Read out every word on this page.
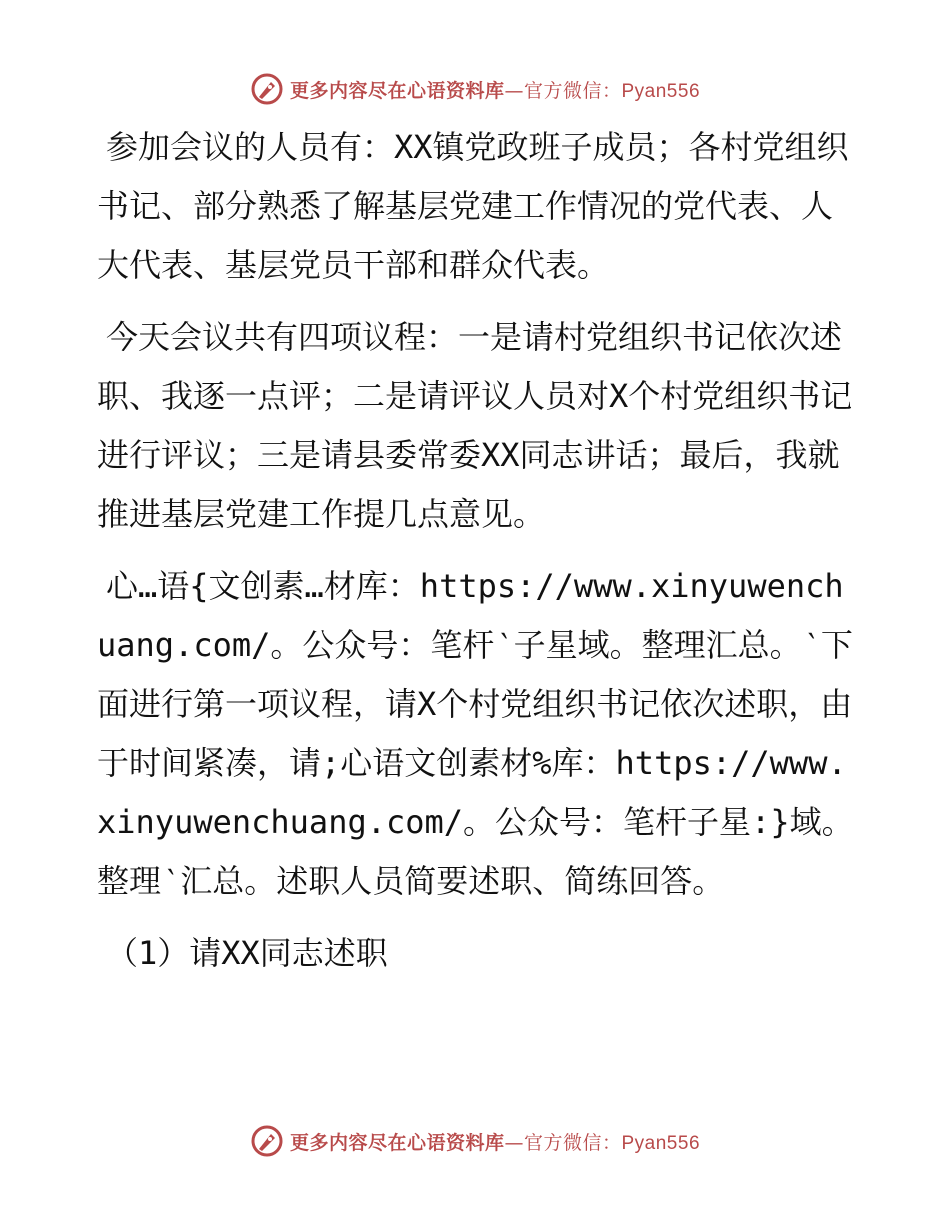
更多内容尽在心语资料库—官方微信：Pyan556

参加会议的人员有：XX镇党政班子成员；各村党组织书记、部分熟悉了解基层党建工作情况的党代表、人大代表、基层党员干部和群众代表。

今天会议共有四项议程：一是请村党组织书记依次述职、我逐一点评；二是请评议人员对X个村党组织书记进行评议；三是请县委常委XX同志讲话；最后，我就推进基层党建工作提几点意见。

心…语{文创素…材库：https://www.xinyuwenchuang.com/。公众号：笔杆‵子星域。整理汇总。‵下面进行第一项议程，请X个村党组织书记依次述职，由于时间紧凑，请;心语文创素材%库：https://www.xinyuwenchuang.com/。公众号：笔杆子星:}域。整理‵汇总。述职人员简要述职、简练回答。

（1）请XX同志述职

更多内容尽在心语资料库—官方微信：Pyan556
